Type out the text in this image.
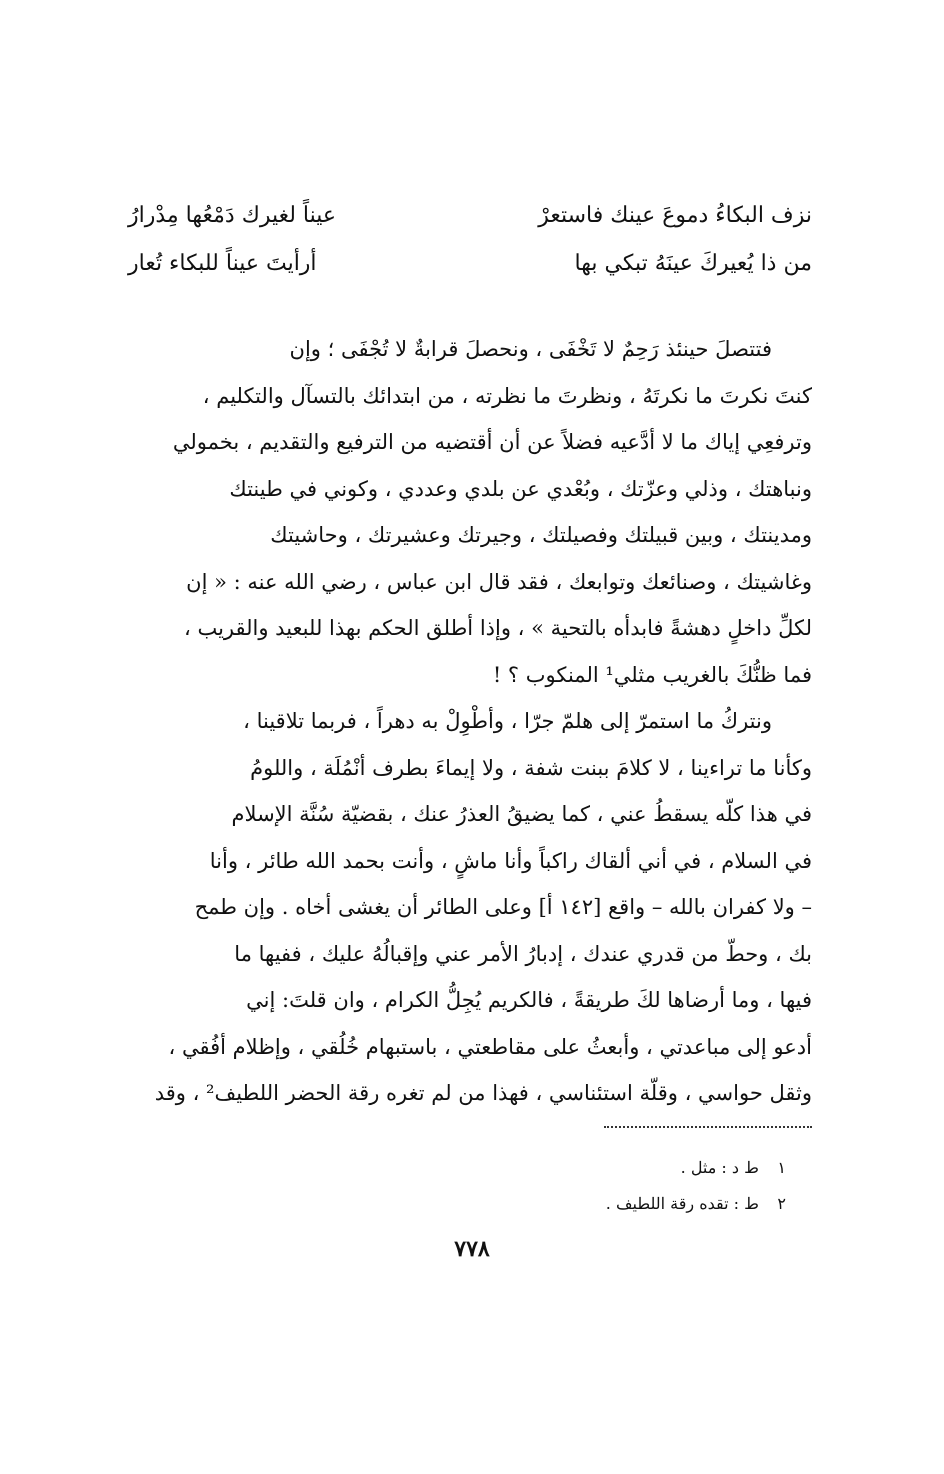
نزف البكاءُ دموعَ عينك فاستعرْ
عيناً لغيرك دَمْعُها مِدْرارُ
من ذا يُعيركَ عينَهُ تبكي بها
أرأيتَ عيناً للبكاء تُعار

فتتصلَ حينئذ رَحِمٌ لا تَخْفَى ، ونحصلَ قرابةٌ لا تُجْفَى ؛ وإن
كنتَ نكرتَ ما نكرتَهُ ، ونظرتَ ما نظرته ، من ابتدائك بالتسآل والتكليم ،
وترفعِي إياك ما لا أدَّعيه فضلاً عن أن أقتضيه من الترفيع والتقديم ، بخمولي
ونباهتك ، وذلي وعزّتك ، وبُعْدي عن بلدي وعددي ، وكوني في طينتك
ومدينتك ، وبين قبيلتك وفصيلتك ، وجيرتك وعشيرتك ، وحاشيتك
وغاشيتك ، وصنائعك وتوابعك ، فقد قال ابن عباس ، رضي الله عنه : « إن
لكلِّ داخلٍ دهشةً فابدأه بالتحية » ، وإذا أطلق الحكم بهذا للبعيد والقريب ،
فما ظنُّكَ بالغريب مثلي¹ المنكوب ؟ !

ونتركُ ما استمرّ إلى هلمّ جرّا ، وأطْوِلْ به دهراً ، فربما تلاقينا ،
وكأنا ما تراءينا ، لا كلامَ ببنت شفة ، ولا إيماءَ بطرف أنْمُلَة ، واللومُ
في هذا كلّه يسقطُ عني ، كما يضيقُ العذرُ عنك ، بقضيّة سُنَّة الإسلام
في السلام ، في أني ألقاك راكباً وأنا ماشٍ ، وأنت بحمد الله طائر ، وأنا
– ولا كفران بالله – واقع [١٤٢ أ] وعلى الطائر أن يغشى أخاه . وإن طمح
بك ، وحطّ من قدري عندك ، إدبارُ الأمر عني وإقبالُهُ عليك ، ففيها ما
فيها ، وما أرضاها لكَ طريقةً ، فالكريم يُجِلُّ الكرام ، وان قلتَ: إني
أدعو إلى مباعدتي ، وأبعثُ على مقاطعتي ، باستبهام خُلُقي ، وإظلام أفُقي ،
وثقل حواسي ، وقلّة استئناسي ، فهذا من لم تغره رقة الحضر اللطيف² ، وقد

١ ط د : مثل .
٢ ط : تقده رقة اللطيف .
٧٧٨
